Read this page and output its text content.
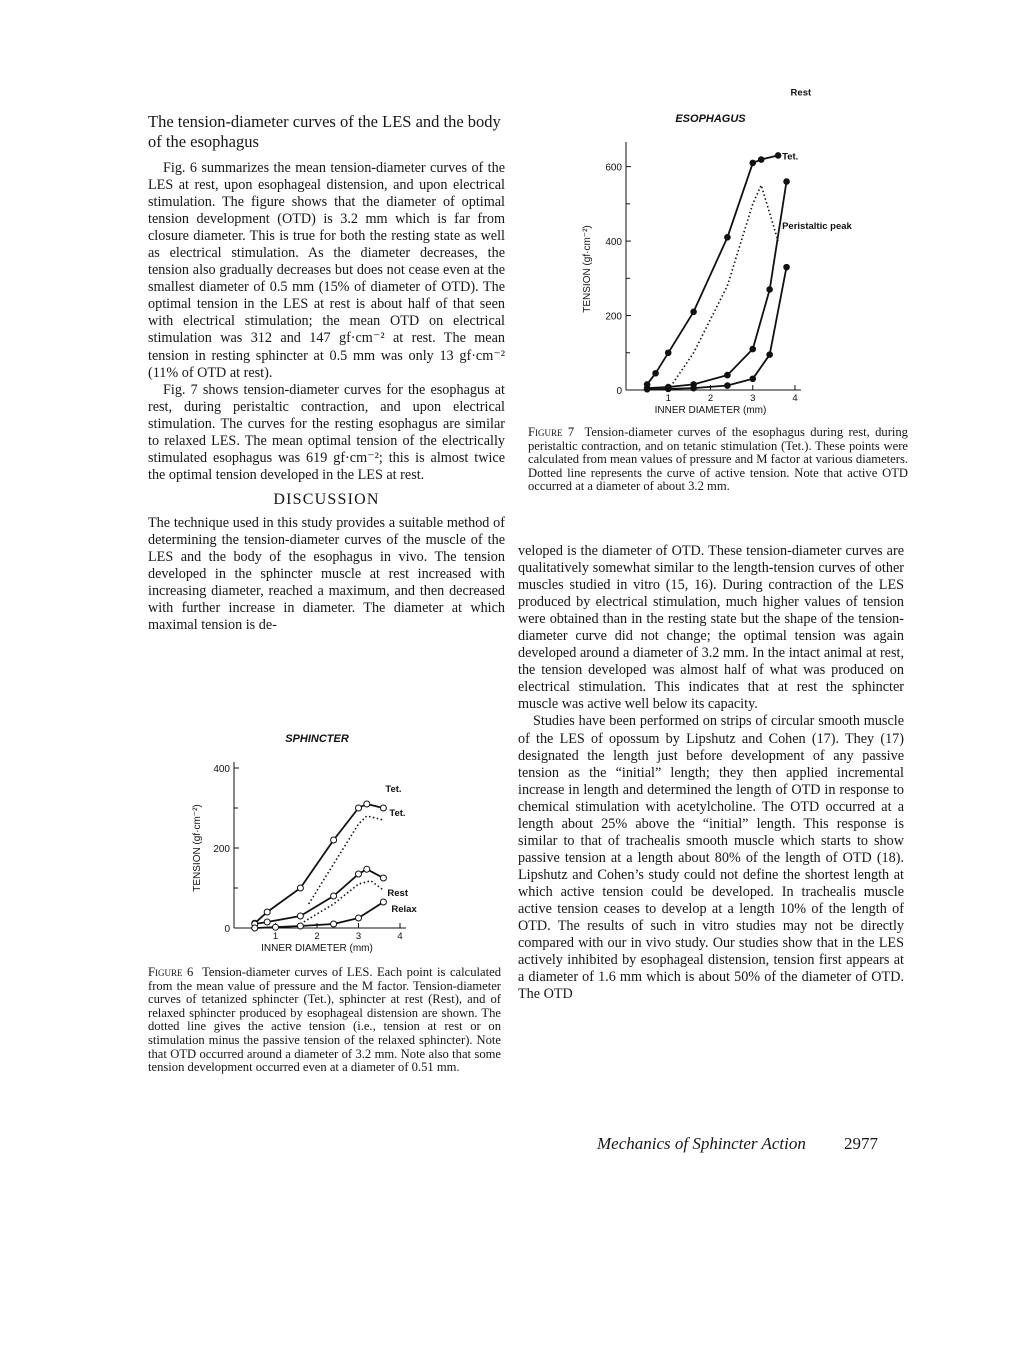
The tension-diameter curves of the LES and the body of the esophagus

Fig. 6 summarizes the mean tension-diameter curves of the LES at rest, upon esophageal distension, and upon electrical stimulation. The figure shows that the diameter of optimal tension development (OTD) is 3.2 mm which is far from closure diameter. This is true for both the resting state as well as electrical stimulation. As the diameter decreases, the tension also gradually decreases but does not cease even at the smallest diameter of 0.5 mm (15% of diameter of OTD). The optimal tension in the LES at rest is about half of that seen with electrical stimulation; the mean OTD on electrical stimulation was 312 and 147 gf·cm⁻² at rest. The mean tension in resting sphincter at 0.5 mm was only 13 gf·cm⁻² (11% of OTD at rest).

Fig. 7 shows tension-diameter curves for the esophagus at rest, during peristaltic contraction, and upon electrical stimulation. The curves for the resting esophagus are similar to relaxed LES. The mean optimal tension of the electrically stimulated esophagus was 619 gf·cm⁻²; this is almost twice the optimal tension developed in the LES at rest.

DISCUSSION

The technique used in this study provides a suitable method of determining the tension-diameter curves of the muscle of the LES and the body of the esophagus in vivo. The tension developed in the sphincter muscle at rest increased with increasing diameter, reached a maximum, and then decreased with further increase in diameter. The diameter at which maximal tension is de-

veloped is the diameter of OTD. These tension-diameter curves are qualitatively somewhat similar to the length-tension curves of other muscles studied in vitro (15, 16). During contraction of the LES produced by electrical stimulation, much higher values of tension were obtained than in the resting state but the shape of the tension-diameter curve did not change; the optimal tension was again developed around a diameter of 3.2 mm. In the intact animal at rest, the tension developed was almost half of what was produced on electrical stimulation. This indicates that at rest the sphincter muscle was active well below its capacity.

Studies have been performed on strips of circular smooth muscle of the LES of opossum by Lipshutz and Cohen (17). They (17) designated the length just before development of any passive tension as the “initial” length; they then applied incremental increase in length and determined the length of OTD in response to chemical stimulation with acetylcholine. The OTD occurred at a length about 25% above the “initial” length. This response is similar to that of trachealis smooth muscle which starts to show passive tension at a length about 80% of the length of OTD (18). Lipshutz and Cohen’s study could not define the shortest length at which active tension could be developed. In trachealis muscle active tension ceases to develop at a length 10% of the length of OTD. The results of such in vitro studies may not be directly compared with our in vivo study. Our studies show that in the LES actively inhibited by esophageal distension, tension first appears at a diameter of 1.6 mm which is about 50% of the diameter of OTD. The OTD

SPHINCTER
0
200
400
1	2	3	4
INNER DIAMETER (mm)
TENSION (gf·cm⁻²)
Tet.
Tet.
Rest
Relax
Figure 6 Tension-diameter curves of LES. Each point is calculated from the mean value of pressure and the M factor. Tension-diameter curves of tetanized sphincter (Tet.), sphincter at rest (Rest), and of relaxed sphincter produced by esophageal distension are shown. The dotted line gives the active tension (i.e., tension at rest or on stimulation minus the passive tension of the relaxed sphincter). Note that OTD occurred around a diameter of 3.2 mm. Note also that some tension development occurred even at a diameter of 0.51 mm.
ESOPHAGUS
0
200
400
600
1	2	3	4
INNER DIAMETER (mm)
TENSION (gf·cm⁻²)
Tet.
Peristaltic peak
Rest
Figure 7 Tension-diameter curves of the esophagus during rest, during peristaltic contraction, and on tetanic stimulation (Tet.). These points were calculated from mean values of pressure and M factor at various diameters. Dotted line represents the curve of active tension. Note that active OTD occurred at a diameter of about 3.2 mm.
Mechanics of Sphincter Action 2977
